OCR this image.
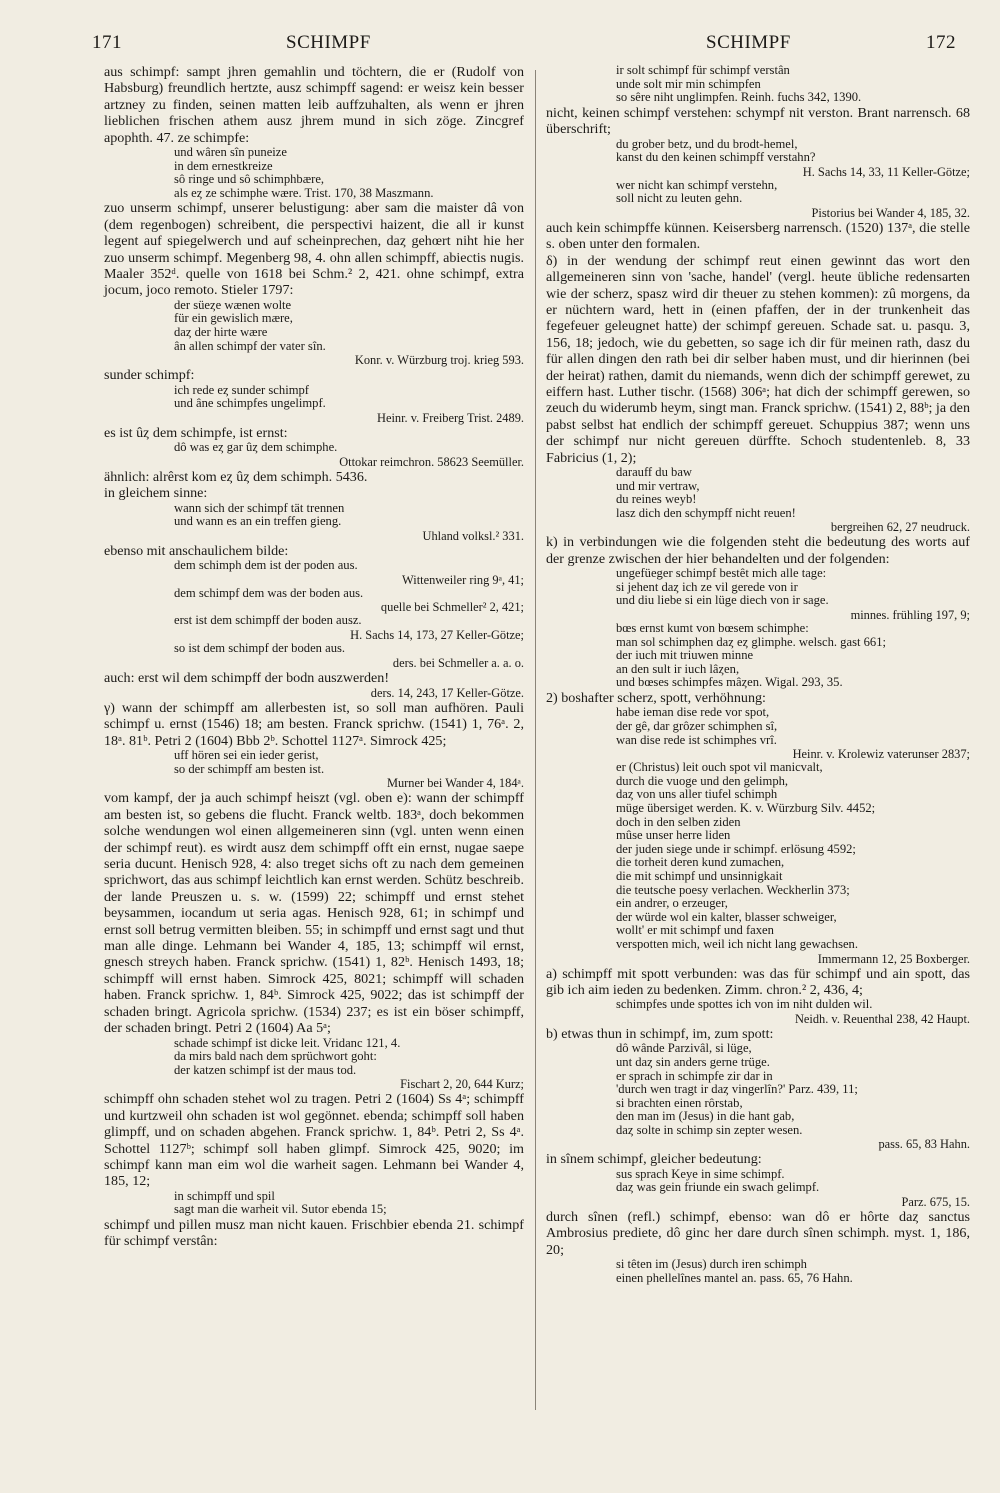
171	SCHIMPF	SCHIMPF	172
aus schimpf: sampt jhren gemahlin und töchtern, die er (Rudolf von Habsburg) freundlich hertzte, ausz schimpff sagend: er weisz kein besser artzney zu finden, seinen matten leib auffzuhalten, als wenn er jhren lieblichen frischen athem ausz jhrem mund in sich zöge. Zincgref apophth. 47. ze schimpfe:
und wâren sîn puneize
in dem ernestkreize
sô ringe und sô schimphbære,
als eȥ ze schimphe wære. Trist. 170, 38 Maszmann.
zuo unserm schimpf, unserer belustigung: aber sam die maister dâ von (dem regenbogen) schreibent, die perspectivi haizent, die all ir kunst legent auf spiegelwerch und auf scheinprechen, daȥ gehœrt niht hie her zuo unserm schimpf. Megenberg 98, 4. ohn allen schimpff, abiectis nugis. Maaler 352ᵈ. quelle von 1618 bei Schm.² 2, 421. ohne schimpf, extra jocum, joco remoto. Stieler 1797:
der süeȥe wænen wolte
für ein gewislich mære,
daȥ der hirte wære
ân allen schimpf der vater sîn.
Konr. v. Würzburg troj. krieg 593.
sunder schimpf:
ich rede eȥ sunder schimpf
und âne schimpfes ungelimpf.
Heinr. v. Freiberg Trist. 2489.
es ist ûȥ dem schimpfe, ist ernst:
dô was eȥ gar ûȥ dem schimphe.
Ottokar reimchron. 58623 Seemüller.
ähnlich: alrêrst kom eȥ ûȥ dem schimph. 5436.
in gleichem sinne:
wann sich der schimpf tät trennen
und wann es an ein treffen gieng.
Uhland volksl.² 331.
ebenso mit anschaulichem bilde:
dem schimph dem ist der poden aus.
Wittenweiler ring 9ᵃ, 41;
dem schimpf dem was der boden aus.
quelle bei Schmeller² 2, 421;
erst ist dem schimpff der boden ausz.
H. Sachs 14, 173, 27 Keller-Götze;
so ist dem schimpf der boden aus.
ders. bei Schmeller a. a. o.
auch: erst wil dem schimpff der bodn auszwerden!
ders. 14, 243, 17 Keller-Götze.
γ) wann der schimpff am allerbesten ist, so soll man aufhören. Pauli schimpf u. ernst (1546) 18; am besten. Franck sprichw. (1541) 1, 76ᵃ. 2, 18ᵃ. 81ᵇ. Petri 2 (1604) Bbb 2ᵇ. Schottel 1127ᵃ. Simrock 425;
uff hören sei ein ieder gerist,
so der schimpff am besten ist.
Murner bei Wander 4, 184ᵃ.
vom kampf, der ja auch schimpf heiszt (vgl. oben e): wann der schimpff am besten ist, so gebens die flucht. Franck weltb. 183ᵃ, doch bekommen solche wendungen wol einen allgemeineren sinn (vgl. unten wenn einen der schimpf reut). es wirdt ausz dem schimpff offt ein ernst, nugae saepe seria ducunt. Henisch 928, 4: also treget sichs oft zu nach dem gemeinen sprichwort, das aus schimpf leichtlich kan ernst werden. Schütz beschreib. der lande Preuszen u. s. w. (1599) 22; schimpff und ernst stehet beysammen, iocandum ut seria agas. Henisch 928, 61; in schimpf und ernst soll betrug vermitten bleiben. 55; in schimpff und ernst sagt und thut man alle dinge. Lehmann bei Wander 4, 185, 13; schimpff wil ernst, gnesch streych haben. Franck sprichw. (1541) 1, 82ᵇ. Henisch 1493, 18; schimpff will ernst haben. Simrock 425, 8021; schimpff will schaden haben. Franck sprichw. 1, 84ᵇ. Simrock 425, 9022; das ist schimpff der schaden bringt. Agricola sprichw. (1534) 237; es ist ein böser schimpff, der schaden bringt. Petri 2 (1604) Aa 5ᵃ;
schade schimpf ist dicke leit. Vridanc 121, 4.
da mirs bald nach dem sprüchwort goht:
der katzen schimpf ist der maus tod.
Fischart 2, 20, 644 Kurz;
schimpff ohn schaden stehet wol zu tragen. Petri 2 (1604) Ss 4ᵃ; schimpff und kurtzweil ohn schaden ist wol gegönnet. ebenda; schimpff soll haben glimpff, und on schaden abgehen. Franck sprichw. 1, 84ᵇ. Petri 2, Ss 4ᵃ. Schottel 1127ᵇ; schimpf soll haben glimpf. Simrock 425, 9020; im schimpf kann man eim wol die warheit sagen. Lehmann bei Wander 4, 185, 12;
in schimpff und spil
sagt man die warheit vil. Sutor ebenda 15;
schimpf und pillen musz man nicht kauen. Frischbier ebenda 21. schimpf für schimpf verstân:
ir solt schimpf für schimpf verstân
unde solt mir min schimpfen
so sêre niht unglimpfen. Reinh. fuchs 342, 1390.
nicht, keinen schimpf verstehen: schympf nit verston. Brant narrensch. 68 überschrift;
du grober betz, und du brodt-hemel,
kanst du den keinen schimpff verstahn?
H. Sachs 14, 33, 11 Keller-Götze;
wer nicht kan schimpf verstehn,
soll nicht zu leuten gehn.
Pistorius bei Wander 4, 185, 32.
auch kein schimpffe künnen. Keisersberg narrensch. (1520) 137ᵃ, die stelle s. oben unter den formalen.
δ) in der wendung der schimpf reut einen gewinnt das wort den allgemeineren sinn von 'sache, handel' (vergl. heute übliche redensarten wie der scherz, spasz wird dir theuer zu stehen kommen): zû morgens, da er nüchtern ward, hett in (einen pfaffen, der in der trunkenheit das fegefeuer geleugnet hatte) der schimpf gereuen. Schade sat. u. pasqu. 3, 156, 18; jedoch, wie du gebetten, so sage ich dir für meinen rath, dasz du für allen dingen den rath bei dir selber haben must, und dir hierinnen (bei der heirat) rathen, damit du niemands, wenn dich der schimpff gerewet, zu eiffern hast. Luther tischr. (1568) 306ᵃ; hat dich der schimpff gerewen, so zeuch du widerumb heym, singt man. Franck sprichw. (1541) 2, 88ᵇ; ja den pabst selbst hat endlich der schimpff gereuet. Schuppius 387; wenn uns der schimpf nur nicht gereuen dürffte. Schoch studentenleb. 8, 33 Fabricius (1, 2);
darauff du baw
und mir vertraw,
du reines weyb!
lasz dich den schympff nicht reuen!
bergreihen 62, 27 neudruck.
k) in verbindungen wie die folgenden steht die bedeutung des worts auf der grenze zwischen der hier behandelten und der folgenden:
ungefüeger schimpf bestêt mich alle tage:
si jehent daȥ ich ze vil gerede von ir
und diu liebe si ein lüge diech von ir sage.
minnes. frühling 197, 9;
bœs ernst kumt von bœsem schimphe:
man sol schimphen daȥ eȥ glimphe. welsch. gast 661;
der iuch mit triuwen minne
an den sult ir iuch lâȥen,
und bœses schimpfes mâȥen. Wigal. 293, 35.
2) boshafter scherz, spott, verhöhnung:
habe ieman dise rede vor spot,
der gê, dar grôzer schimphen sî,
wan dise rede ist schimphes vrî.
Heinr. v. Krolewiz vaterunser 2837;
er (Christus) leit ouch spot vil manicvalt,
durch die vuoge und den gelimph,
daȥ von uns aller tiufel schimph
müge übersiget werden. K. v. Würzburg Silv. 4452;
doch in den selben ziden
mûse unser herre liden
der juden siege unde ir schimpf. erlösung 4592;
die torheit deren kund zumachen,
die mit schimpf und unsinnigkait
die teutsche poesy verlachen. Weckherlin 373;
ein andrer, o erzeuger,
der würde wol ein kalter, blasser schweiger,
wollt' er mit schimpf und faxen
verspotten mich, weil ich nicht lang gewachsen.
Immermann 12, 25 Boxberger.
a) schimpff mit spott verbunden: was das für schimpf und ain spott, das gib ich aim ieden zu bedenken. Zimm. chron.² 2, 436, 4;
schimpfes unde spottes ich von im niht dulden wil.
Neidh. v. Reuenthal 238, 42 Haupt.
b) etwas thun in schimpf, im, zum spott:
dô wânde Parzivâl, si lüge,
unt daȥ sin anders gerne trüge.
er sprach in schimpfe zir dar in
'durch wen tragt ir daȥ vingerlîn?' Parz. 439, 11;
si brachten einen rôrstab,
den man im (Jesus) in die hant gab,
daȥ solte in schimp sin zepter wesen.
pass. 65, 83 Hahn.
in sînem schimpf, gleicher bedeutung:
sus sprach Keye in sime schimpf.
daȥ was gein friunde ein swach gelimpf.
Parz. 675, 15.
durch sînen (refl.) schimpf, ebenso: wan dô er hôrte daȥ sanctus Ambrosius prediete, dô ginc her dare durch sînen schimph. myst. 1, 186, 20;
si têten im (Jesus) durch iren schimph
einen phellelînes mantel an. pass. 65, 76 Hahn.
